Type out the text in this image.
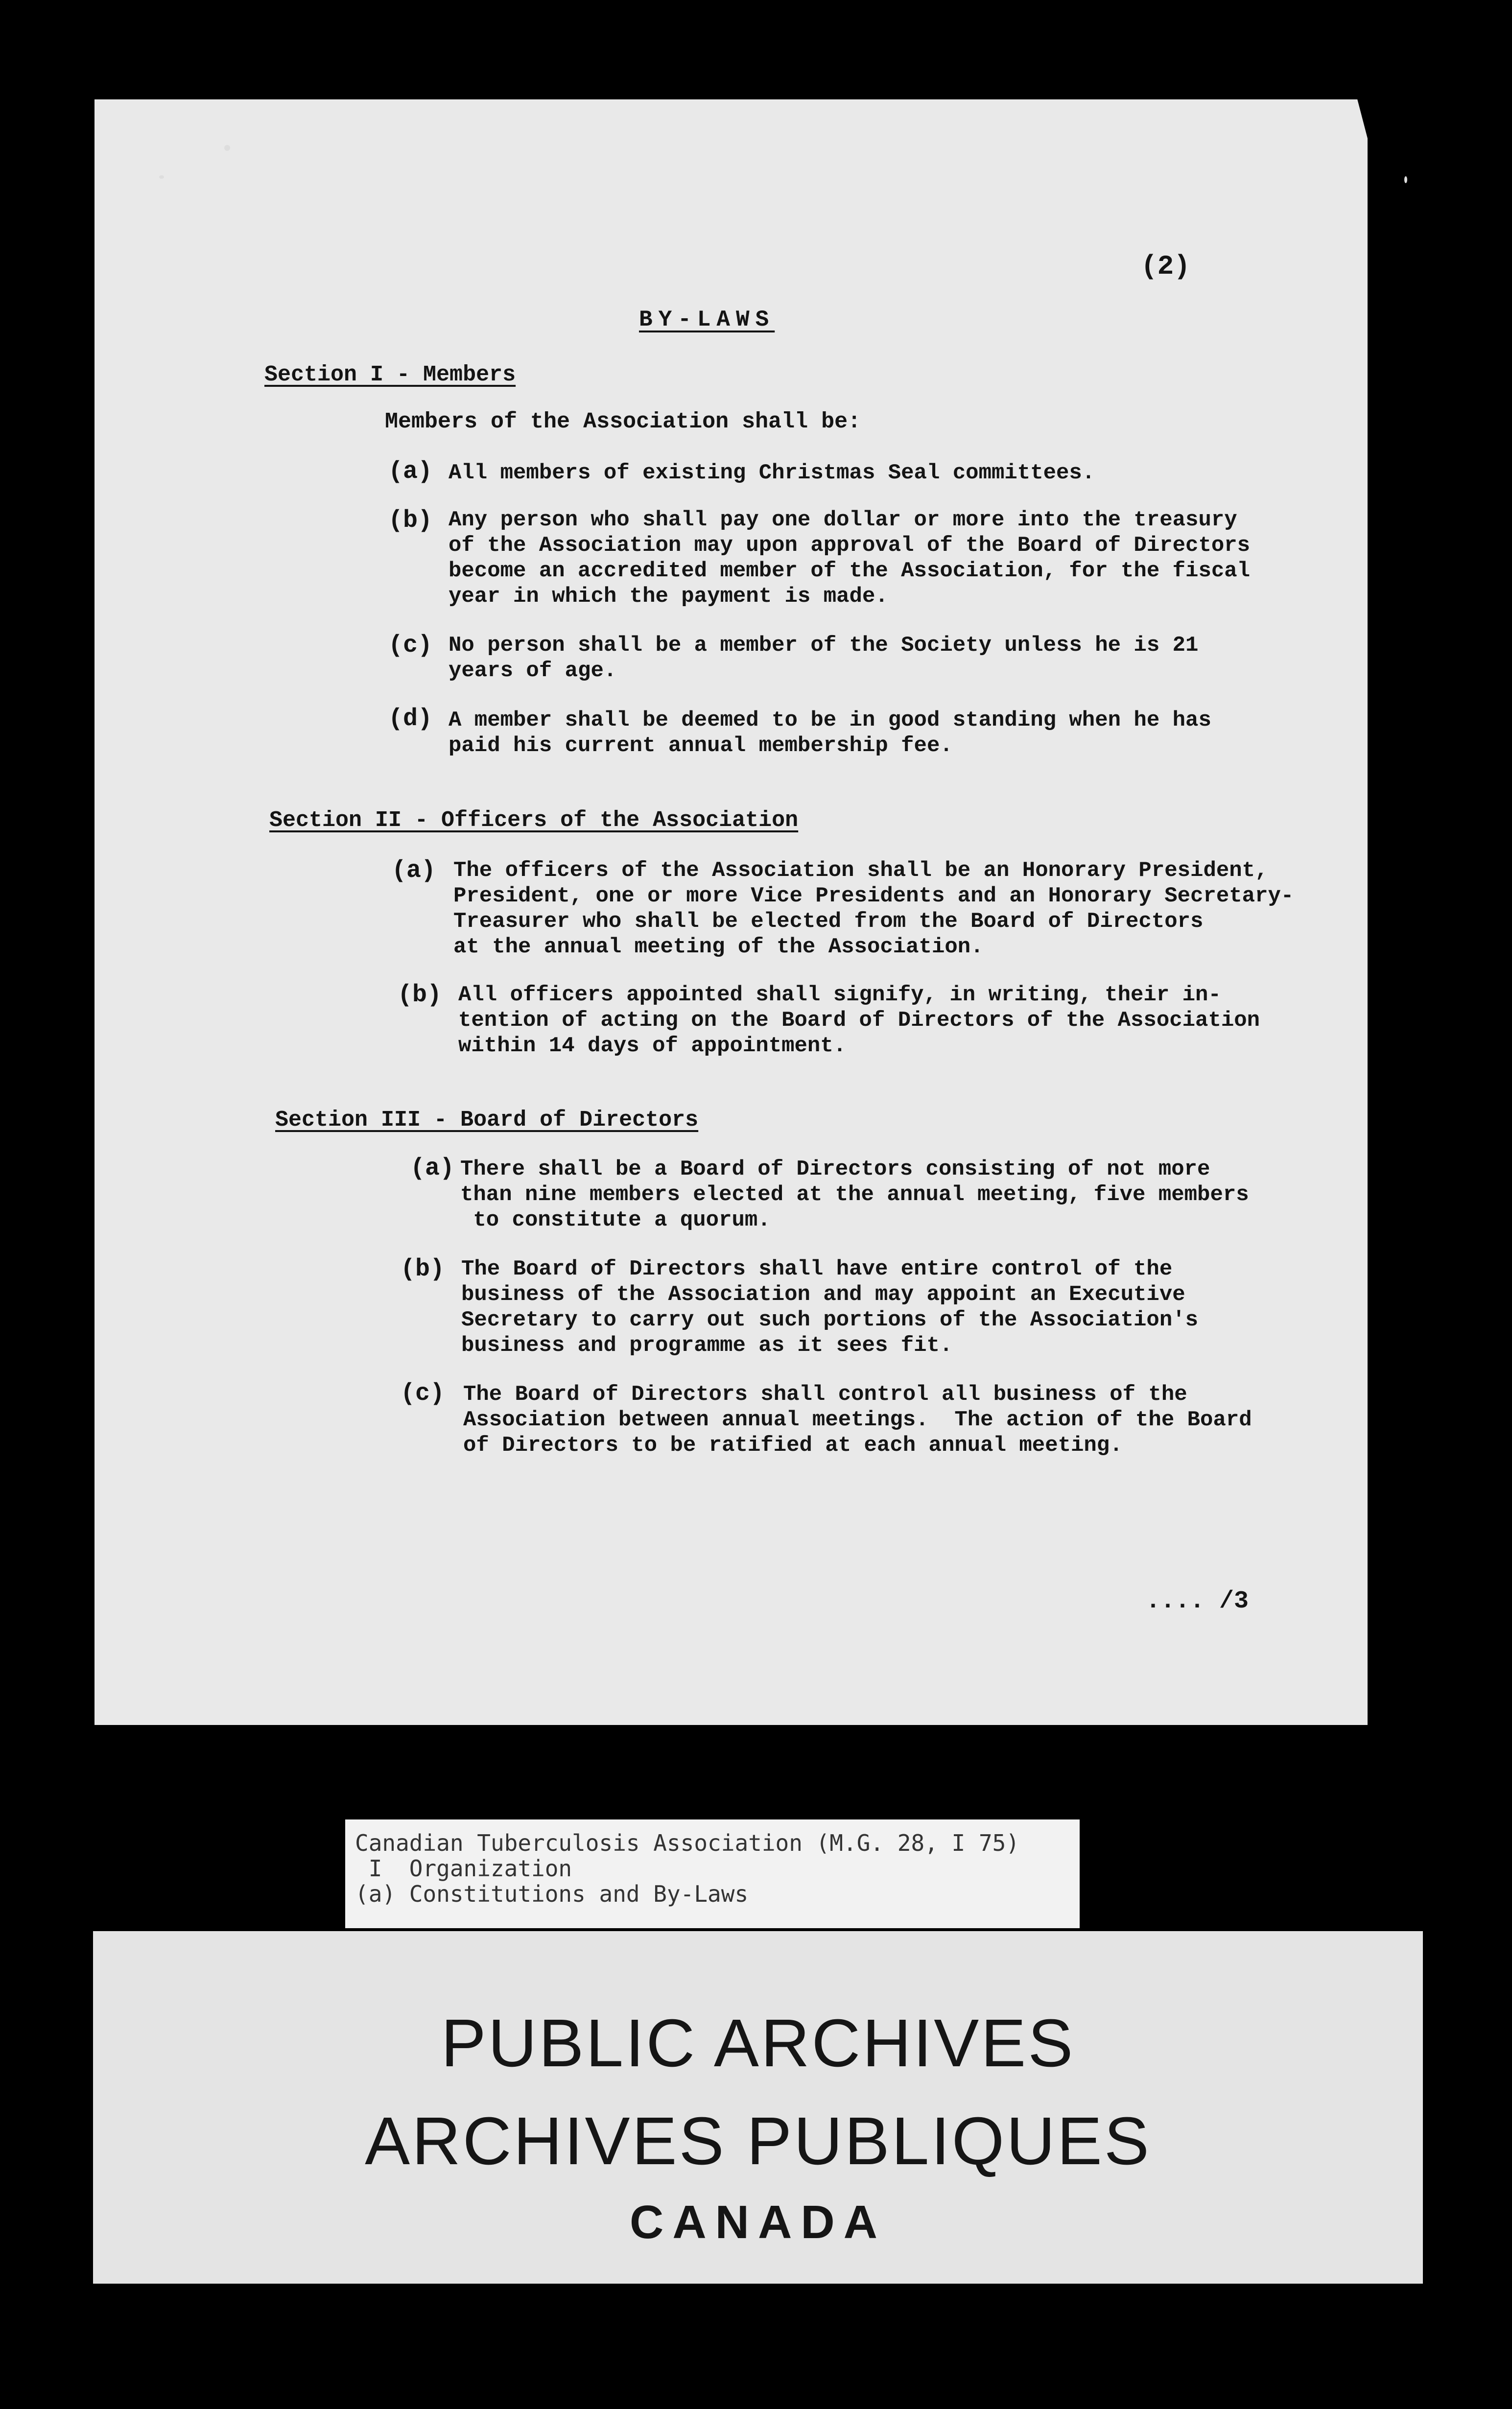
(2)
BY-LAWS
Section I - Members
Members of the Association shall be:
(a) All members of existing Christmas Seal committees.
(b) Any person who shall pay one dollar or more into the treasury
of the Association may upon approval of the Board of Directors
become an accredited member of the Association, for the fiscal
year in which the payment is made.
(c) No person shall be a member of the Society unless he is 21
years of age.
(d) A member shall be deemed to be in good standing when he has
paid his current annual membership fee.
Section II - Officers of the Association
(a) The officers of the Association shall be an Honorary President,
President, one or more Vice Presidents and an Honorary Secretary-
Treasurer who shall be elected from the Board of Directors
at the annual meeting of the Association.
(b) All officers appointed shall signify, in writing, their in-
tention of acting on the Board of Directors of the Association
within 14 days of appointment.
Section III - Board of Directors
(a) There shall be a Board of Directors consisting of not more
than nine members elected at the annual meeting, five members
to constitute a quorum.
(b) The Board of Directors shall have entire control of the
business of the Association and may appoint an Executive
Secretary to carry out such portions of the Association's
business and programme as it sees fit.
(c) The Board of Directors shall control all business of the
Association between annual meetings.  The action of the Board
of Directors to be ratified at each annual meeting.
.... /3
Canadian Tuberculosis Association (M.G. 28, I 75)
I  Organization
(a) Constitutions and By-Laws
PUBLIC ARCHIVES
ARCHIVES PUBLIQUES
CANADA
